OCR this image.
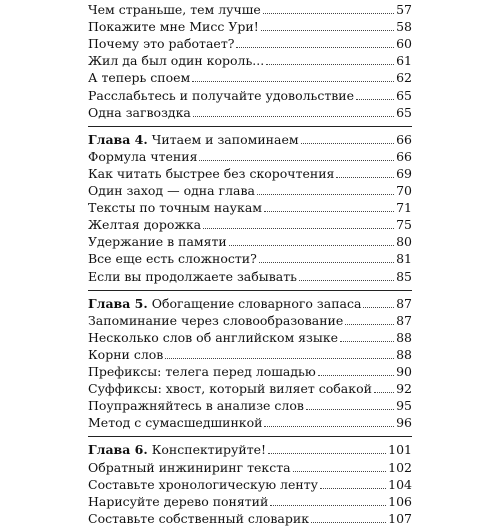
Чем страньше, тем лучше	57
Покажите мне Мисс Ури!	58
Почему это работает?	60
Жил да был один король...	61
А теперь споем	62
Расслабьтесь и получайте удовольствие	65
Одна загвоздка	65
Глава 4. Читаем и запоминаем	66
Формула чтения	66
Как читать быстрее без скорочтения	69
Один заход — одна глава	70
Тексты по точным наукам	71
Желтая дорожка	75
Удержание в памяти	80
Все еще есть сложности?	81
Если вы продолжаете забывать	85
Глава 5. Обогащение словарного запаса	87
Запоминание через словообразование	87
Несколько слов об английском языке	88
Корни слов	88
Префиксы: телега перед лошадью	90
Суффиксы: хвост, который виляет собакой 92
Поупражняйтесь в анализе слов	95
Метод с сумасшедшинкой	96
Глава 6. Конспектируйте!	101
Обратный инжиниринг текста	102
Составьте хронологическую ленту	104
Нарисуйте дерево понятий	106
Составьте собственный словарик	107
